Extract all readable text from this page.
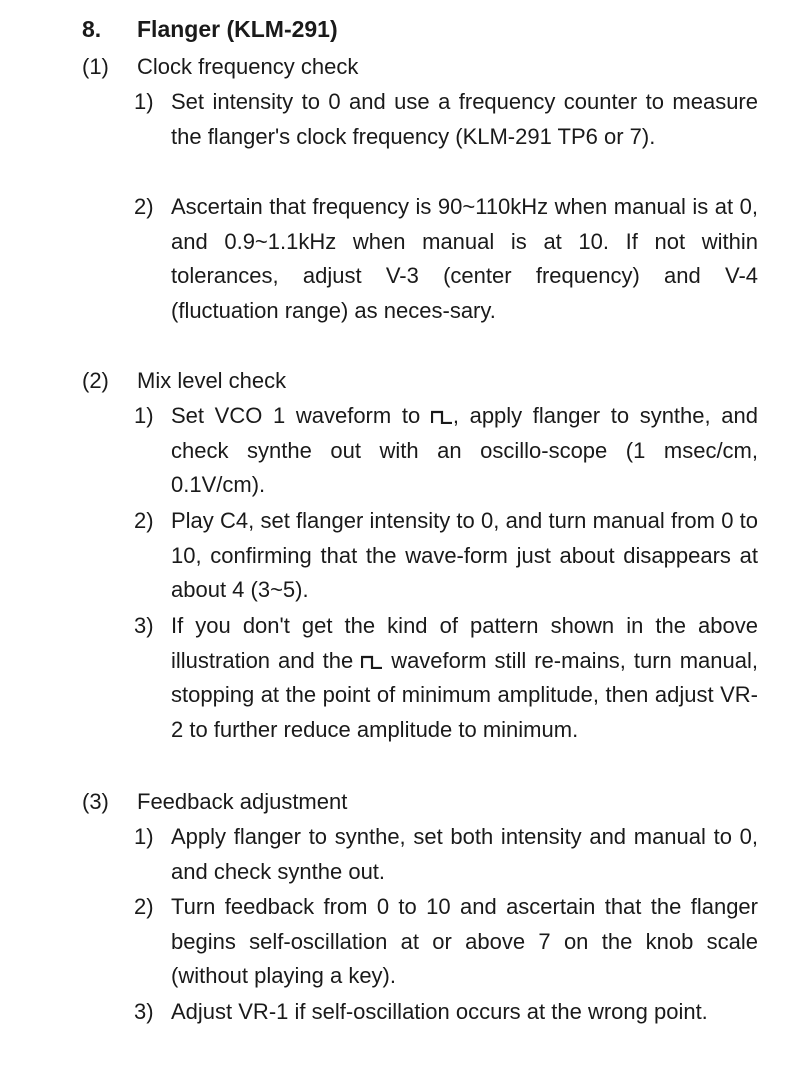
8. Flanger (KLM-291)
(1) Clock frequency check
1) Set intensity to 0 and use a frequency counter to measure the flanger's clock frequency (KLM-291 TP6 or 7).
2) Ascertain that frequency is 90~110kHz when manual is at 0, and 0.9~1.1kHz when manual is at 10. If not within tolerances, adjust V-3 (center frequency) and V-4 (fluctuation range) as neces-sary.
(2) Mix level check
1) Set VCO 1 waveform to , apply flanger to synthe, and check synthe out with an oscillo-scope (1 msec/cm, 0.1V/cm).
2) Play C4, set flanger intensity to 0, and turn manual from 0 to 10, confirming that the wave-form just about disappears at about 4 (3~5).
3) If you don't get the kind of pattern shown in the above illustration and the waveform still re-mains, turn manual, stopping at the point of minimum amplitude, then adjust VR-2 to further reduce amplitude to minimum.
(3) Feedback adjustment
1) Apply flanger to synthe, set both intensity and manual to 0, and check synthe out.
2) Turn feedback from 0 to 10 and ascertain that the flanger begins self-oscillation at or above 7 on the knob scale (without playing a key).
3) Adjust VR-1 if self-oscillation occurs at the wrong point.
